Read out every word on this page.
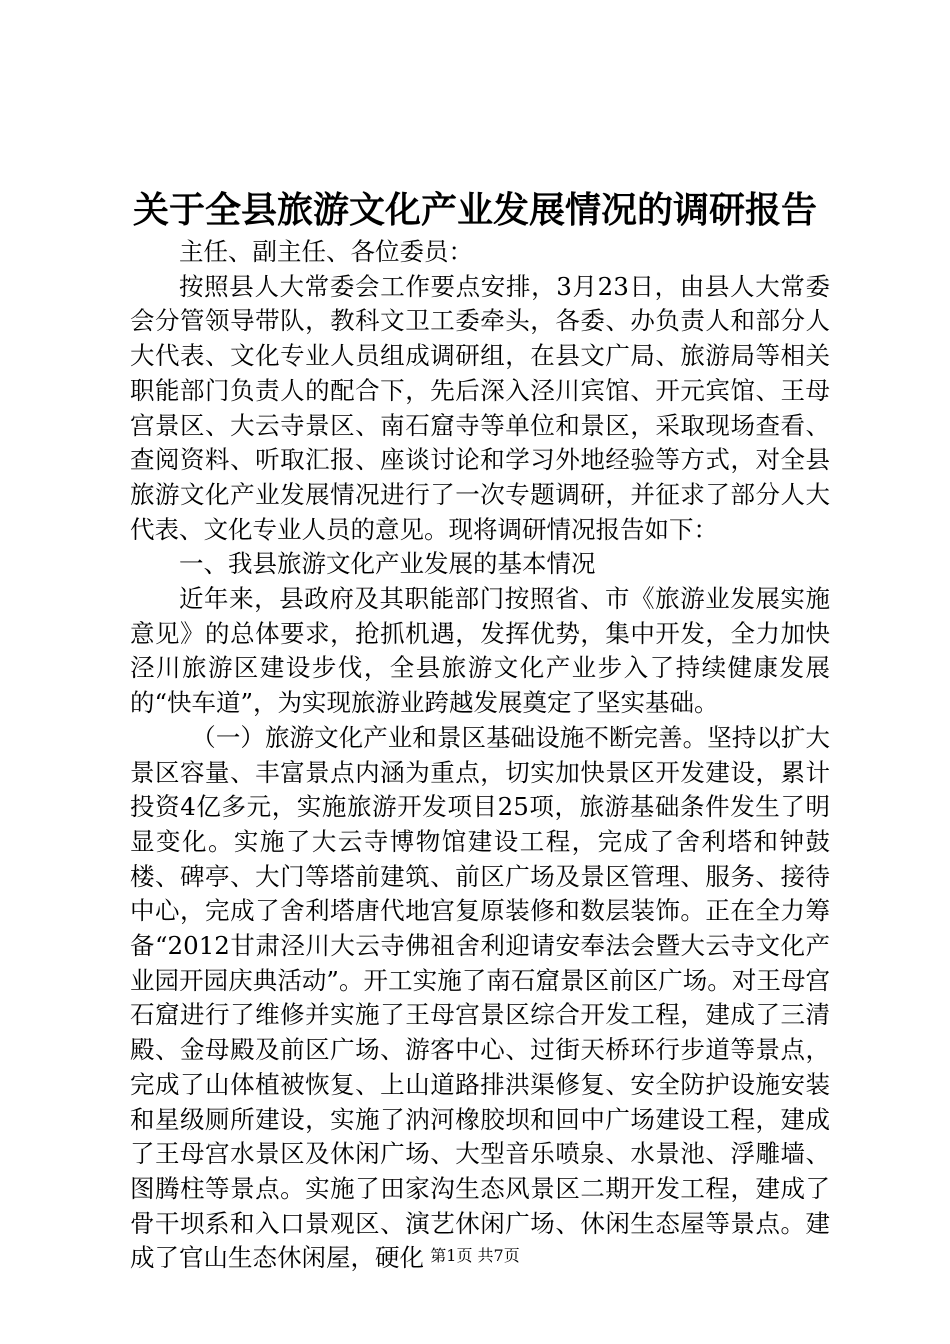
关于全县旅游文化产业发展情况的调研报告

主任、副主任、各位委员：

按照县人大常委会工作要点安排，3月23日，由县人大常委会分管领导带队，教科文卫工委牵头，各委、办负责人和部分人大代表、文化专业人员组成调研组，在县文广局、旅游局等相关职能部门负责人的配合下，先后深入泾川宾馆、开元宾馆、王母宫景区、大云寺景区、南石窟寺等单位和景区，采取现场查看、查阅资料、听取汇报、座谈讨论和学习外地经验等方式，对全县旅游文化产业发展情况进行了一次专题调研，并征求了部分人大代表、文化专业人员的意见。现将调研情况报告如下：

一、我县旅游文化产业发展的基本情况

近年来，县政府及其职能部门按照省、市《旅游业发展实施意见》的总体要求，抢抓机遇，发挥优势，集中开发，全力加快泾川旅游区建设步伐，全县旅游文化产业步入了持续健康发展的“快车道”，为实现旅游业跨越发展奠定了坚实基础。

（一）旅游文化产业和景区基础设施不断完善。坚持以扩大景区容量、丰富景点内涵为重点，切实加快景区开发建设，累计投资4亿多元，实施旅游开发项目25项，旅游基础条件发生了明显变化。实施了大云寺博物馆建设工程，完成了舍利塔和钟鼓楼、碑亭、大门等塔前建筑、前区广场及景区管理、服务、接待中心，完成了舍利塔唐代地宫复原装修和数层装饰。正在全力筹备“2012甘肃泾川大云寺佛祖舍利迎请安奉法会暨大云寺文化产业园开园庆典活动”。开工实施了南石窟景区前区广场。对王母宫石窟进行了维修并实施了王母宫景区综合开发工程，建成了三清殿、金母殿及前区广场、游客中心、过街天桥环行步道等景点，完成了山体植被恢复、上山道路排洪渠修复、安全防护设施安装和星级厕所建设，实施了汭河橡胶坝和回中广场建设工程，建成了王母宫水景区及休闲广场、大型音乐喷泉、水景池、浮雕墙、图腾柱等景点。实施了田家沟生态风景区二期开发工程，建成了骨干坝系和入口景观区、演艺休闲广场、休闲生态屋等景点。建成了官山生态休闲屋，硬化 第1页 共7页
